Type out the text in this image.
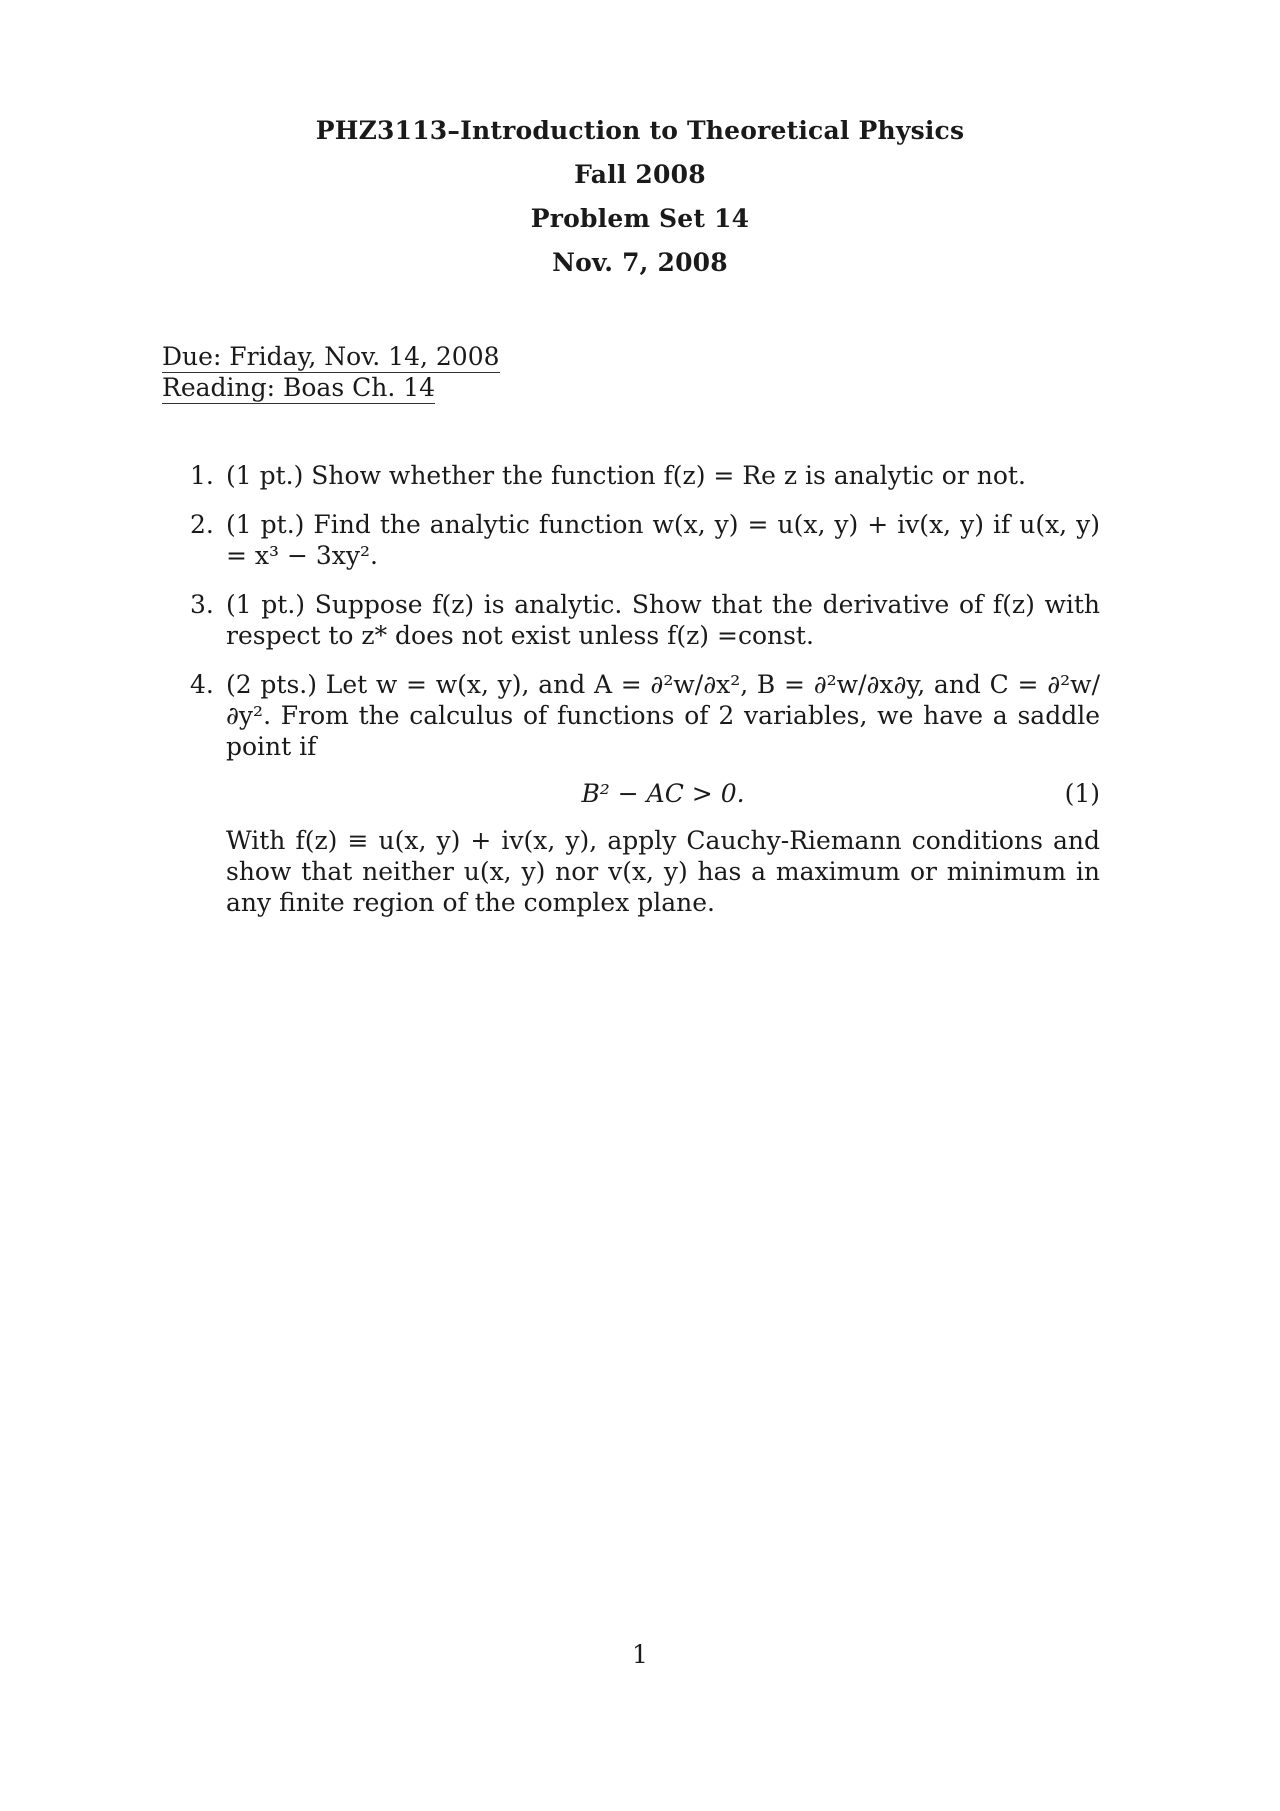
PHZ3113–Introduction to Theoretical Physics
Fall 2008
Problem Set 14
Nov. 7, 2008
Due: Friday, Nov. 14, 2008
Reading: Boas Ch. 14
1. (1 pt.) Show whether the function f(z) = Re z is analytic or not.
2. (1 pt.) Find the analytic function w(x, y) = u(x, y) + iv(x, y) if u(x, y) = x³ − 3xy².
3. (1 pt.) Suppose f(z) is analytic. Show that the derivative of f(z) with respect to z* does not exist unless f(z) =const.
4. (2 pts.) Let w = w(x, y), and A = ∂²w/∂x², B = ∂²w/∂x∂y, and C = ∂²w/∂y². From the calculus of functions of 2 variables, we have a saddle point if
B² − AC > 0.	(1)
With f(z) ≡ u(x, y) + iv(x, y), apply Cauchy-Riemann conditions and show that neither u(x, y) nor v(x, y) has a maximum or minimum in any finite region of the complex plane.
1
